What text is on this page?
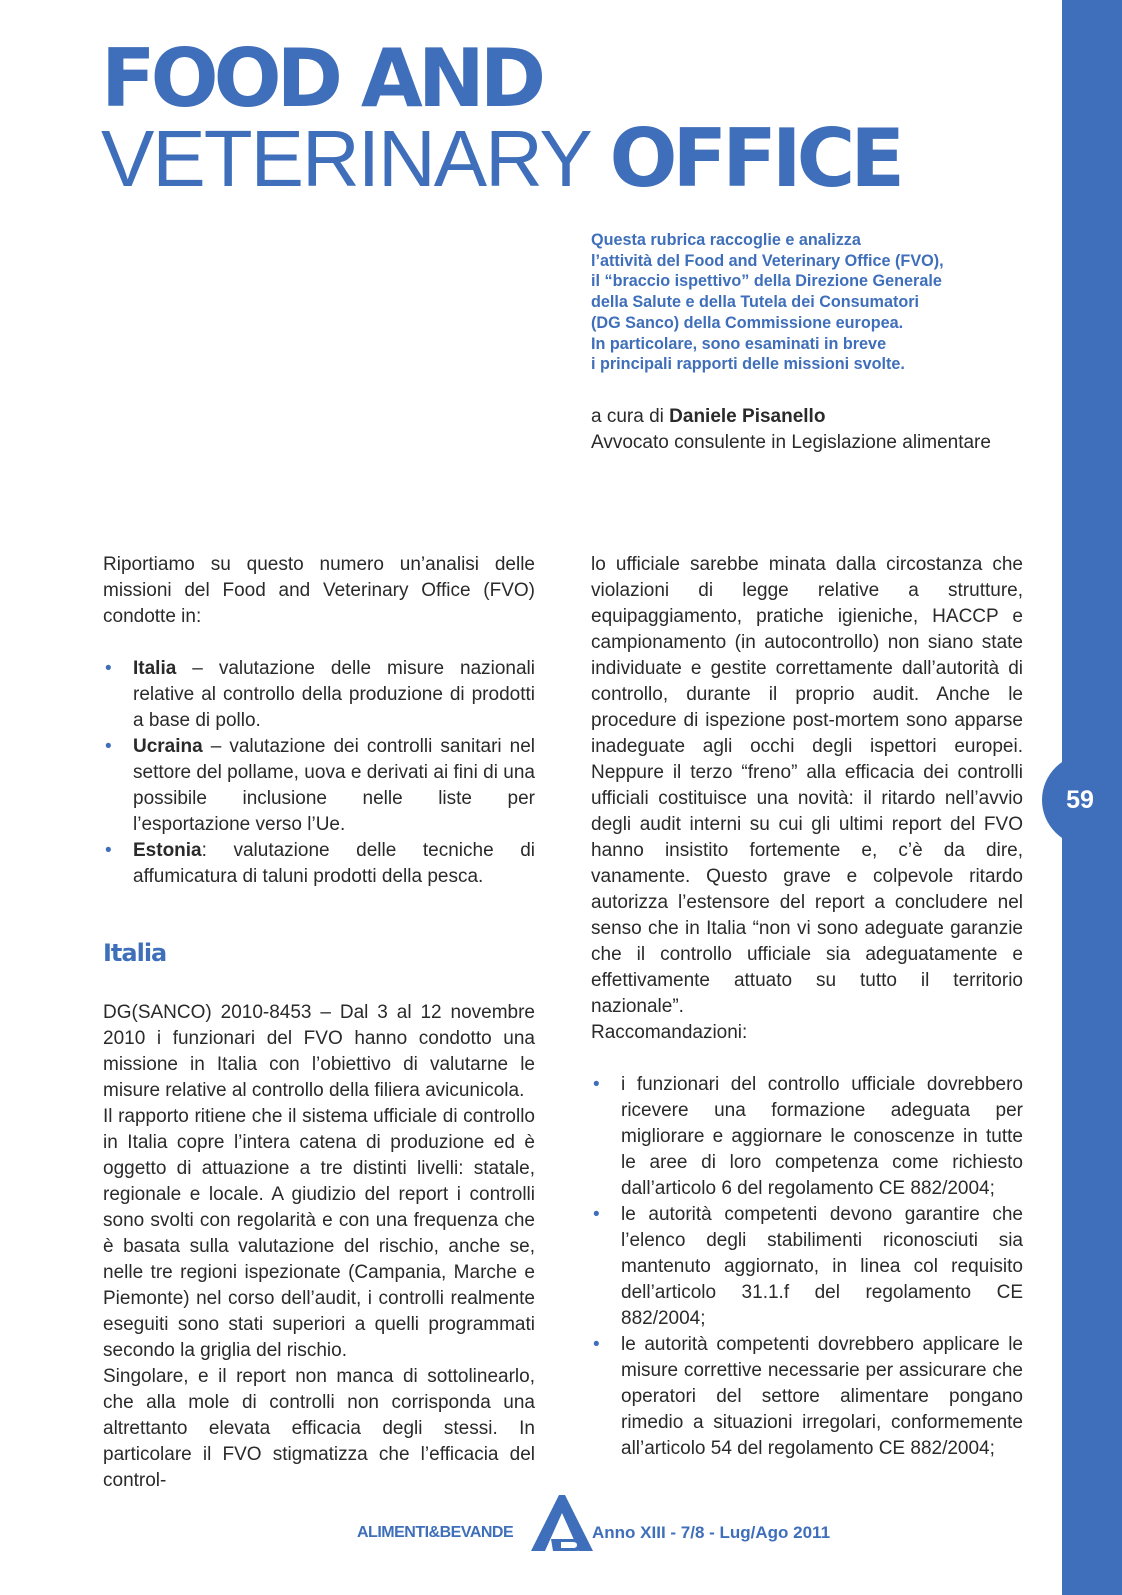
59
FOOD AND
VETERINARY OFFICE
Questa rubrica raccoglie e analizza
l’attività del Food and Veterinary Office (FVO),
il “braccio ispettivo” della Direzione Generale
della Salute e della Tutela dei Consumatori
(DG Sanco) della Commissione europea.
In particolare, sono esaminati in breve
i principali rapporti delle missioni svolte.

a cura di Daniele Pisanello

Avvocato consulente in Legislazione alimentare

Riportiamo su questo numero un’analisi delle missioni del Food and Veterinary Office (FVO) condotte in:

• Italia – valutazione delle misure nazionali relative al controllo della produzione di prodotti a base di pollo.
• Ucraina – valutazione dei controlli sanitari nel settore del pollame, uova e derivati ai fini di una possibile inclusione nelle liste per l’esportazione verso l’Ue.
• Estonia: valutazione delle tecniche di affumicatura di taluni prodotti della pesca.
Italia

DG(SANCO) 2010-8453 – Dal 3 al 12 novembre 2010 i funzionari del FVO hanno condotto una missione in Italia con l’obiettivo di valutarne le misure relative al controllo della filiera avicunicola.

Il rapporto ritiene che il sistema ufficiale di controllo in Italia copre l’intera catena di produzione ed è oggetto di attuazione a tre distinti livelli: statale, regionale e locale. A giudizio del report i controlli sono svolti con regolarità e con una frequenza che è basata sulla valutazione del rischio, anche se, nelle tre regioni ispezionate (Campania, Marche e Piemonte) nel corso dell’audit, i controlli realmente eseguiti sono stati superiori a quelli programmati secondo la griglia del rischio.

Singolare, e il report non manca di sottolinearlo, che alla mole di controlli non corrisponda una altrettanto elevata efficacia degli stessi. In particolare il FVO stigmatizza che l’efficacia del control-

lo ufficiale sarebbe minata dalla circostanza che violazioni di legge relative a strutture, equipaggiamento, pratiche igieniche, HACCP e campionamento (in autocontrollo) non siano state individuate e gestite correttamente dall’autorità di controllo, durante il proprio audit. Anche le procedure di ispezione post-mortem sono apparse inadeguate agli occhi degli ispettori europei. Neppure il terzo “freno” alla efficacia dei controlli ufficiali costituisce una novità: il ritardo nell’avvio degli audit interni su cui gli ultimi report del FVO hanno insistito fortemente e, c’è da dire, vanamente. Questo grave e colpevole ritardo autorizza l’estensore del report a concludere nel senso che in Italia “non vi sono adeguate garanzie che il controllo ufficiale sia adeguatamente e effettivamente attuato su tutto il territorio nazionale”.

Raccomandazioni:

• i funzionari del controllo ufficiale dovrebbero ricevere una formazione adeguata per migliorare e aggiornare le conoscenze in tutte le aree di loro competenza come richiesto dall’articolo 6 del regolamento CE 882/2004;
• le autorità competenti devono garantire che l’elenco degli stabilimenti riconosciuti sia mantenuto aggiornato, in linea col requisito dell’articolo 31.1.f del regolamento CE 882/2004;
• le autorità competenti dovrebbero applicare le misure correttive necessarie per assicurare che operatori del settore alimentare pongano rimedio a situazioni irregolari, conformemente all’articolo 54 del regolamento CE 882/2004;
ALIMENTI&BEVANDE	Anno XIII - 7/8 - Lug/Ago 2011
